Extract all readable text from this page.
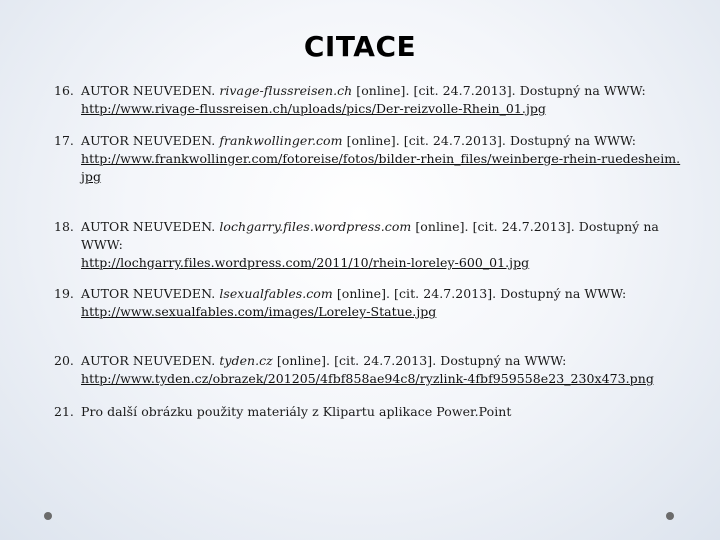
CITACE
16. AUTOR NEUVEDEN. rivage-flussreisen.ch [online]. [cit. 24.7.2013]. Dostupný na WWW:
http://www.rivage-flussreisen.ch/uploads/pics/Der-reizvolle-Rhein_01.jpg
17. AUTOR NEUVEDEN. frankwollinger.com [online]. [cit. 24.7.2013]. Dostupný na WWW:
http://www.frankwollinger.com/fotoreise/fotos/bilder-rhein_files/weinberge-rhein-ruedesheim.jpg
18. AUTOR NEUVEDEN. lochgarry.files.wordpress.com [online]. [cit. 24.7.2013]. Dostupný na WWW:
http://lochgarry.files.wordpress.com/2011/10/rhein-loreley-600_01.jpg
19. AUTOR NEUVEDEN. lsexualfables.com [online]. [cit. 24.7.2013]. Dostupný na WWW:
http://www.sexualfables.com/images/Loreley-Statue.jpg
20. AUTOR NEUVEDEN. tyden.cz [online]. [cit. 24.7.2013]. Dostupný na WWW:
http://www.tyden.cz/obrazek/201205/4fbf858ae94c8/ryzlink-4fbf959558e23_230x473.png
21. Pro další obrázku použity materiály z Klipartu aplikace Power.Point
